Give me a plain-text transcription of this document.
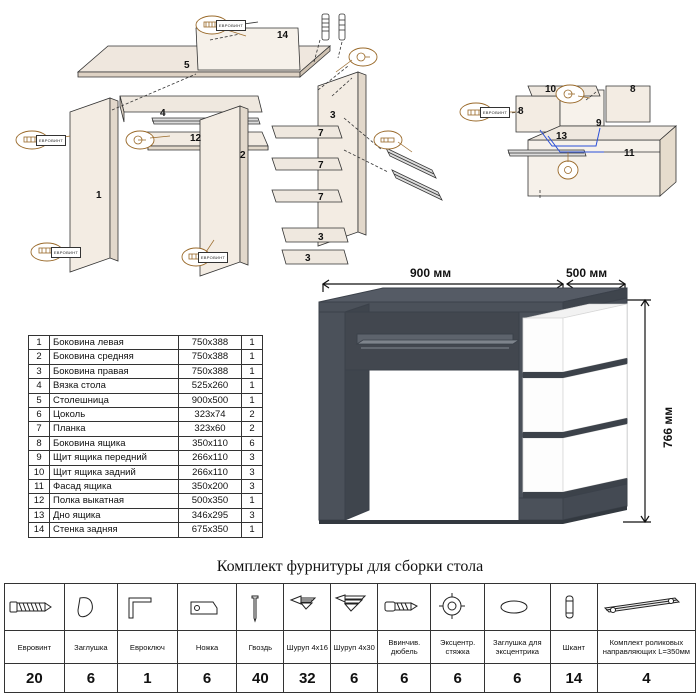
14
5
4
12
2
1
3
7
7
7
3
3
10
8
8
9
13
11
ЕВРОВИНТ
ЕВРОВИНТ
ЕВРОВИНТ
ЕВРОВИНТ
ЕВРОВИНТ
1	Боковина левая	750x388	1
2	Боковина средняя	750x388	1
3	Боковина правая	750x388	1
4	Вязка стола	525x260	1
5	Столешница	900x500	1
6	Цоколь	323x74	2
7	Планка	323x60	2
8	Боковина ящика	350x110	6
9	Щит ящика передний	266x110	3
10	Щит ящика задний	266x110	3
11	Фасад ящика	350x200	3
12	Полка выкатная	500x350	1
13	Дно ящика	346x295	3
14	Стенка задняя	675x350	1
900 мм	500 мм
766 мм
Комплект фурнитуры для сборки стола

Евровинт	Заглушка	Евроключ	Ножка	Гвоздь	Шуруп 4х16	Шуруп 4х30	Ввинчив. дюбель	Эксцентр. стяжка	Заглушка для эксцентрика	Шкант	Комплект роликовых направляющих L=350мм
20	6	1	6	40	32	6	6	6	6	14	4
